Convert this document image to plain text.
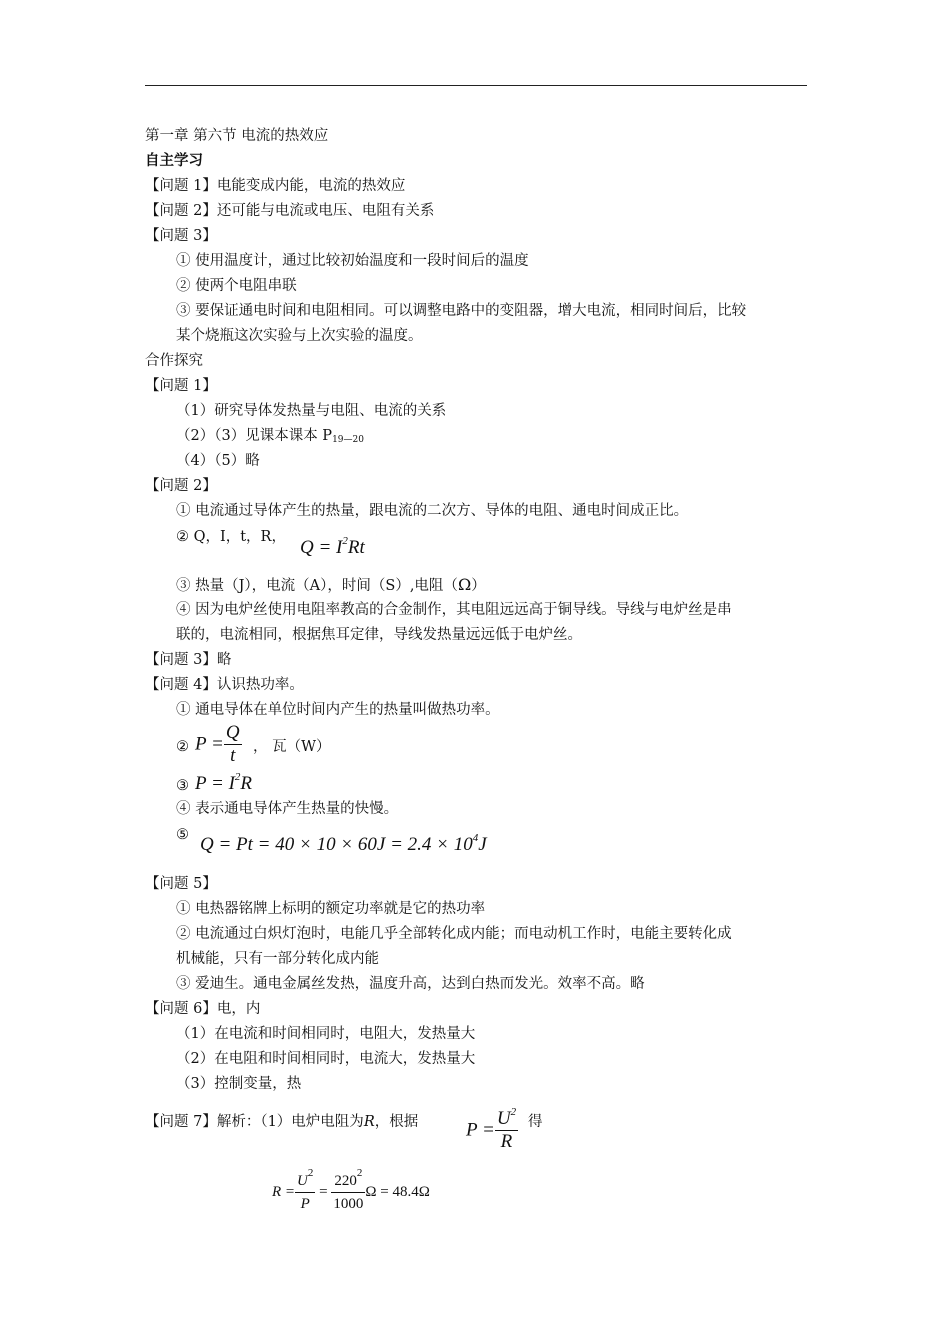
第一章 第六节 电流的热效应
自主学习
【问题 1】电能变成内能，电流的热效应
【问题 2】还可能与电流或电压、电阻有关系
【问题 3】
① 使用温度计，通过比较初始温度和一段时间后的温度
② 使两个电阻串联
③ 要保证通电时间和电阻相同。可以调整电路中的变阻器，增大电流，相同时间后，比较
某个烧瓶这次实验与上次实验的温度。
合作探究
【问题 1】
（1）研究导体发热量与电阻、电流的关系
（2）（3）见课本课本 $P_{19—20}$
（4）（5）略
【问题 2】
① 电流通过导体产生的热量，跟电流的二次方、导体的电阻、通电时间成正比。
② Q，I，t，R， $Q = I^2Rt$
③ 热量（J），电流（A），时间（S）,电阻（Ω）
④ 因为电炉丝使用电阻率教高的合金制作，其电阻远远高于铜导线。导线与电炉丝是串
联的，电流相同，根据焦耳定律，导线发热量远远低于电炉丝。
【问题 3】略
【问题 4】认识热功率。
① 通电导体在单位时间内产生的热量叫做热功率。
② $P = \frac{Q}{t}$ ， 瓦（W）
③ $P = I^2R$
④ 表示通电导体产生热量的快慢。
⑤ $Q = Pt = 40 \times 10 \times 60J = 2.4 \times 10^4J$
【问题 5】
① 电热器铭牌上标明的额定功率就是它的热功率
② 电流通过白炽灯泡时，电能几乎全部转化成内能；而电动机工作时，电能主要转化成
机械能，只有一部分转化成内能
③ 爱迪生。通电金属丝发热，温度升高，达到白热而发光。效率不高。略
【问题 6】电，内
（1）在电流和时间相同时，电阻大，发热量大
（2）在电阻和时间相同时，电流大，发热量大
（3）控制变量，热
【问题 7】解析：（1）电炉电阻为R，根据	$P = \frac{U^2}{R}$ 得
$R = \frac{U^2}{P} = \frac{220^2}{1000}$ Ω = 48.4Ω
